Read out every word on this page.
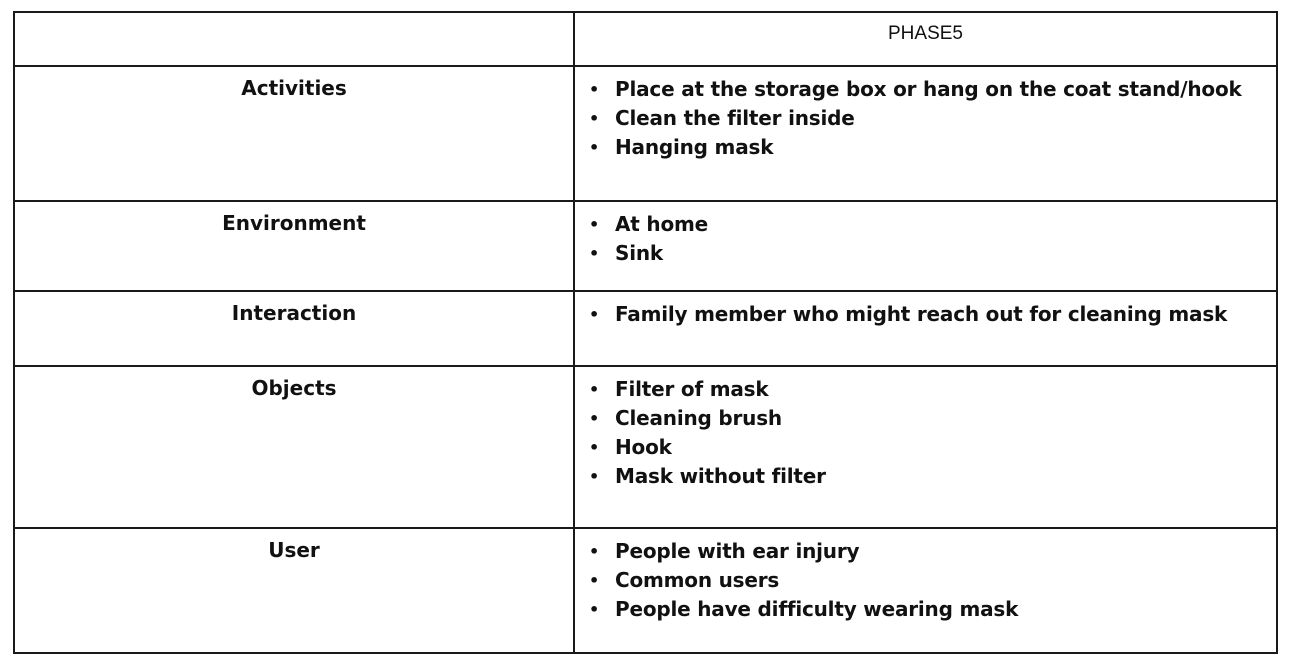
PHASE5
Activities	• Place at the storage box or hang on the coat stand/hook
• Clean the filter inside
• Hanging mask
Environment	• At home
• Sink
Interaction	• Family member who might reach out for cleaning mask
Objects	• Filter of mask
• Cleaning brush
• Hook
• Mask without filter
User	• People with ear injury
• Common users
• People have difficulty wearing mask
